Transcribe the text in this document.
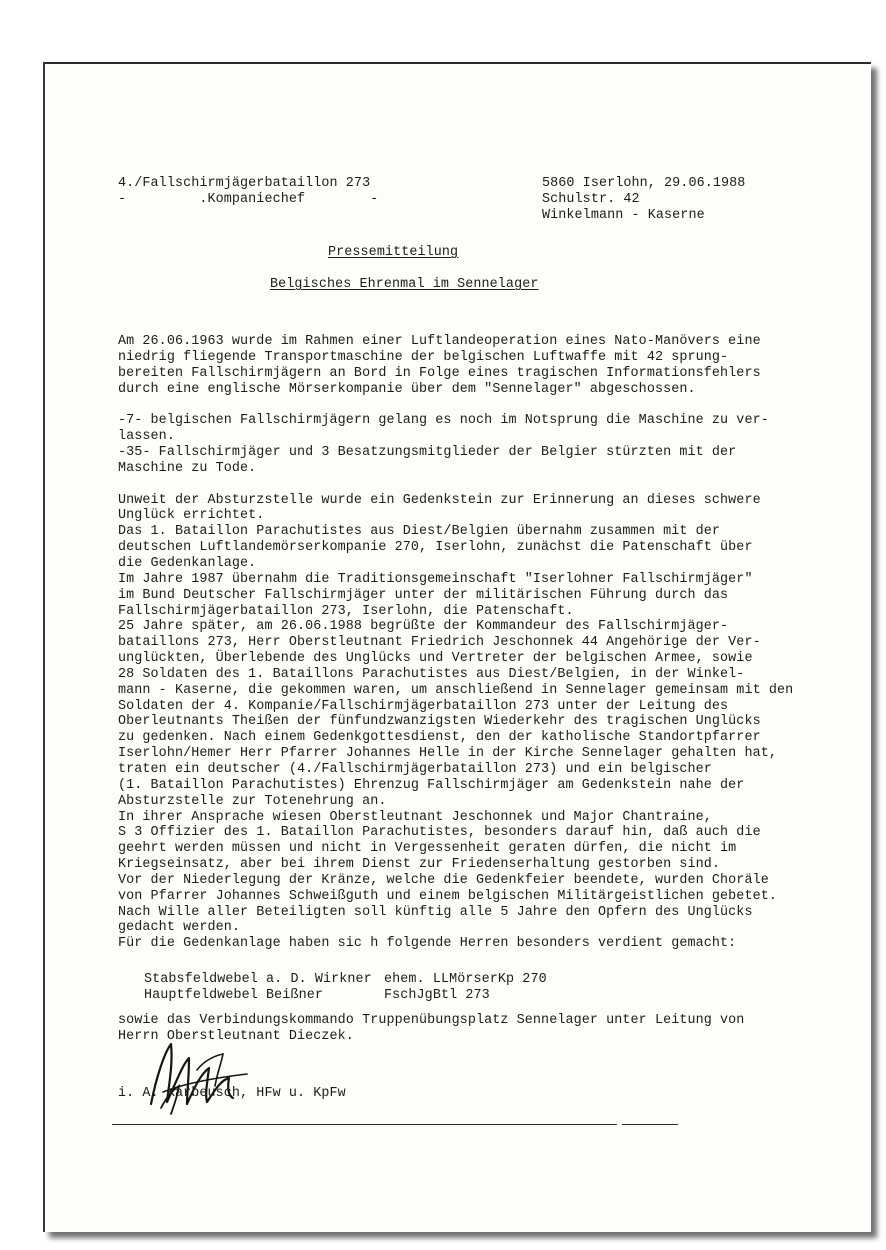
4./Fallschirmjägerbataillon 273
-         .Kompaniechef        -
5860 Iserlohn, 29.06.1988
Schulstr. 42
Winkelmann - Kaserne
Pressemitteilung
Belgisches Ehrenmal im Sennelager
Am 26.06.1963 wurde im Rahmen einer Luftlandeoperation eines Nato-Manövers eine
niedrig fliegende Transportmaschine der belgischen Luftwaffe mit 42 sprung-
bereiten Fallschirmjägern an Bord in Folge eines tragischen Informationsfehlers
durch eine englische Mörserkompanie über dem "Sennelager" abgeschossen.
-7- belgischen Fallschirmjägern gelang es noch im Notsprung die Maschine zu ver-
lassen.
-35- Fallschirmjäger und 3 Besatzungsmitglieder der Belgier stürzten mit der
Maschine zu Tode.
Unweit der Absturzstelle wurde ein Gedenkstein zur Erinnerung an dieses schwere
Unglück errichtet.
Das 1. Bataillon Parachutistes aus Diest/Belgien übernahm zusammen mit der
deutschen Luftlandemörserkompanie 270, Iserlohn, zunächst die Patenschaft über
die Gedenkanlage.
Im Jahre 1987 übernahm die Traditionsgemeinschaft "Iserlohner Fallschirmjäger"
im Bund Deutscher Fallschirmjäger unter der militärischen Führung durch das
Fallschirmjägerbataillon 273, Iserlohn, die Patenschaft.
25 Jahre später, am 26.06.1988 begrüßte der Kommandeur des Fallschirmjäger-
bataillons 273, Herr Oberstleutnant Friedrich Jeschonnek 44 Angehörige der Ver-
unglückten, Überlebende des Unglücks und Vertreter der belgischen Armee, sowie
28 Soldaten des 1. Bataillons Parachutistes aus Diest/Belgien, in der Winkel-
mann - Kaserne, die gekommen waren, um anschließend in Sennelager gemeinsam mit den
Soldaten der 4. Kompanie/Fallschirmjägerbataillon 273 unter der Leitung des
Oberleutnants Theißen der fünfundzwanzigsten Wiederkehr des tragischen Unglücks
zu gedenken. Nach einem Gedenkgottesdienst, den der katholische Standortpfarrer
Iserlohn/Hemer Herr Pfarrer Johannes Helle in der Kirche Sennelager gehalten hat,
traten ein deutscher (4./Fallschirmjägerbataillon 273) und ein belgischer
(1. Bataillon Parachutistes) Ehrenzug Fallschirmjäger am Gedenkstein nahe der
Absturzstelle zur Totenehrung an.
In ihrer Ansprache wiesen Oberstleutnant Jeschonnek und Major Chantraine,
S 3 Offizier des 1. Bataillon Parachutistes, besonders darauf hin, daß auch die
geehrt werden müssen und nicht in Vergessenheit geraten dürfen, die nicht im
Kriegseinsatz, aber bei ihrem Dienst zur Friedenserhaltung gestorben sind.
Vor der Niederlegung der Kränze, welche die Gedenkfeier beendete, wurden Choräle
von Pfarrer Johannes Schweißguth und einem belgischen Militärgeistlichen gebetet.
Nach Wille aller Beteiligten soll künftig alle 5 Jahre den Opfern des Unglücks
gedacht werden.
Für die Gedenkanlage haben sic h folgende Herren besonders verdient gemacht:
Stabsfeldwebel a. D. Wirkner ehem. LLMörserKp 270
Hauptfeldwebel Beißner	FschJgBtl 273
sowie das Verbindungskommando Truppenübungsplatz Sennelager unter Leitung von
Herrn Oberstleutnant Dieczek.
i. A. Karbeusch, HFw u. KpFw
